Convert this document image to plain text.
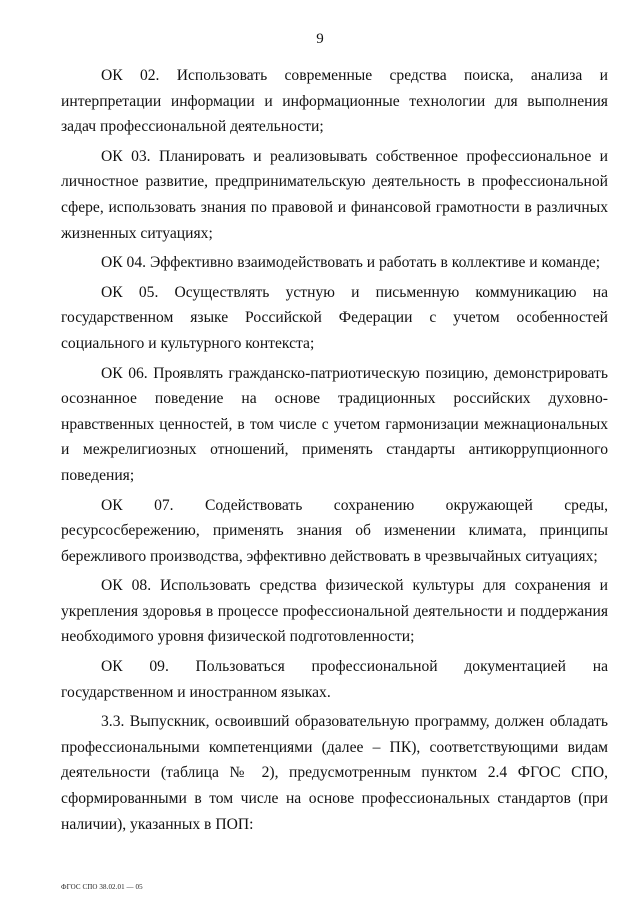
9

ОК 02. Использовать современные средства поиска, анализа и интерпретации информации и информационные технологии для выполнения задач профессиональной деятельности;

ОК 03. Планировать и реализовывать собственное профессиональное и личностное развитие, предпринимательскую деятельность в профессиональной сфере, использовать знания по правовой и финансовой грамотности в различных жизненных ситуациях;

ОК 04. Эффективно взаимодействовать и работать в коллективе и команде;

ОК 05. Осуществлять устную и письменную коммуникацию на государственном языке Российской Федерации с учетом особенностей социального и культурного контекста;

ОК 06. Проявлять гражданско-патриотическую позицию, демонстрировать осознанное поведение на основе традиционных российских духовно-нравственных ценностей, в том числе с учетом гармонизации межнациональных и межрелигиозных отношений, применять стандарты антикоррупционного поведения;

ОК 07. Содействовать сохранению окружающей среды, ресурсосбережению, применять знания об изменении климата, принципы бережливого производства, эффективно действовать в чрезвычайных ситуациях;

ОК 08. Использовать средства физической культуры для сохранения и укрепления здоровья в процессе профессиональной деятельности и поддержания необходимого уровня физической подготовленности;

ОК 09. Пользоваться профессиональной документацией на государственном и иностранном языках.

3.3. Выпускник, освоивший образовательную программу, должен обладать профессиональными компетенциями (далее – ПК), соответствующими видам деятельности (таблица № 2), предусмотренным пунктом 2.4 ФГОС СПО, сформированными в том числе на основе профессиональных стандартов (при наличии), указанных в ПОП:

ФГОС СПО 38.02.01 — 05
